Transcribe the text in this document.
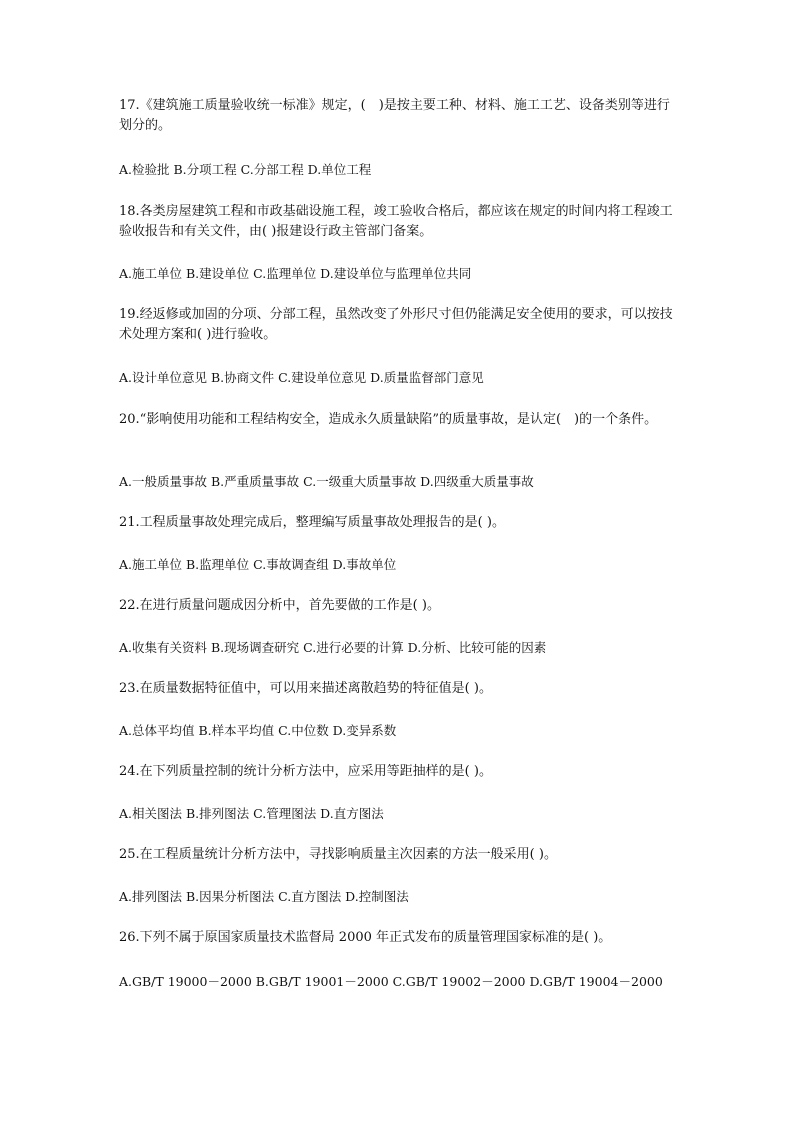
17.《建筑施工质量验收统一标准》规定，(　)是按主要工种、材料、施工工艺、设备类别等进行划分的。
A.检验批 B.分项工程 C.分部工程 D.单位工程
18.各类房屋建筑工程和市政基础设施工程，竣工验收合格后，都应该在规定的时间内将工程竣工验收报告和有关文件，由( )报建设行政主管部门备案。
A.施工单位 B.建设单位 C.监理单位 D.建设单位与监理单位共同
19.经返修或加固的分项、分部工程，虽然改变了外形尺寸但仍能满足安全使用的要求，可以按技术处理方案和( )进行验收。
A.设计单位意见 B.协商文件 C.建设单位意见 D.质量监督部门意见
20.“影响使用功能和工程结构安全，造成永久质量缺陷”的质量事故，是认定(　)的一个条件。
A.一般质量事故 B.严重质量事故 C.一级重大质量事故 D.四级重大质量事故
21.工程质量事故处理完成后，整理编写质量事故处理报告的是( )。
A.施工单位 B.监理单位 C.事故调查组 D.事故单位
22.在进行质量问题成因分析中，首先要做的工作是( )。
A.收集有关资料 B.现场调查研究 C.进行必要的计算 D.分析、比较可能的因素
23.在质量数据特征值中，可以用来描述离散趋势的特征值是( )。
A.总体平均值 B.样本平均值 C.中位数 D.变异系数
24.在下列质量控制的统计分析方法中，应采用等距抽样的是( )。
A.相关图法 B.排列图法 C.管理图法 D.直方图法
25.在工程质量统计分析方法中，寻找影响质量主次因素的方法一般采用( )。
A.排列图法 B.因果分析图法 C.直方图法 D.控制图法
26.下列不属于原国家质量技术监督局 2000 年正式发布的质量管理国家标准的是( )。
A.GB/T 19000－2000 B.GB/T 19001－2000 C.GB/T 19002－2000 D.GB/T 19004－2000
